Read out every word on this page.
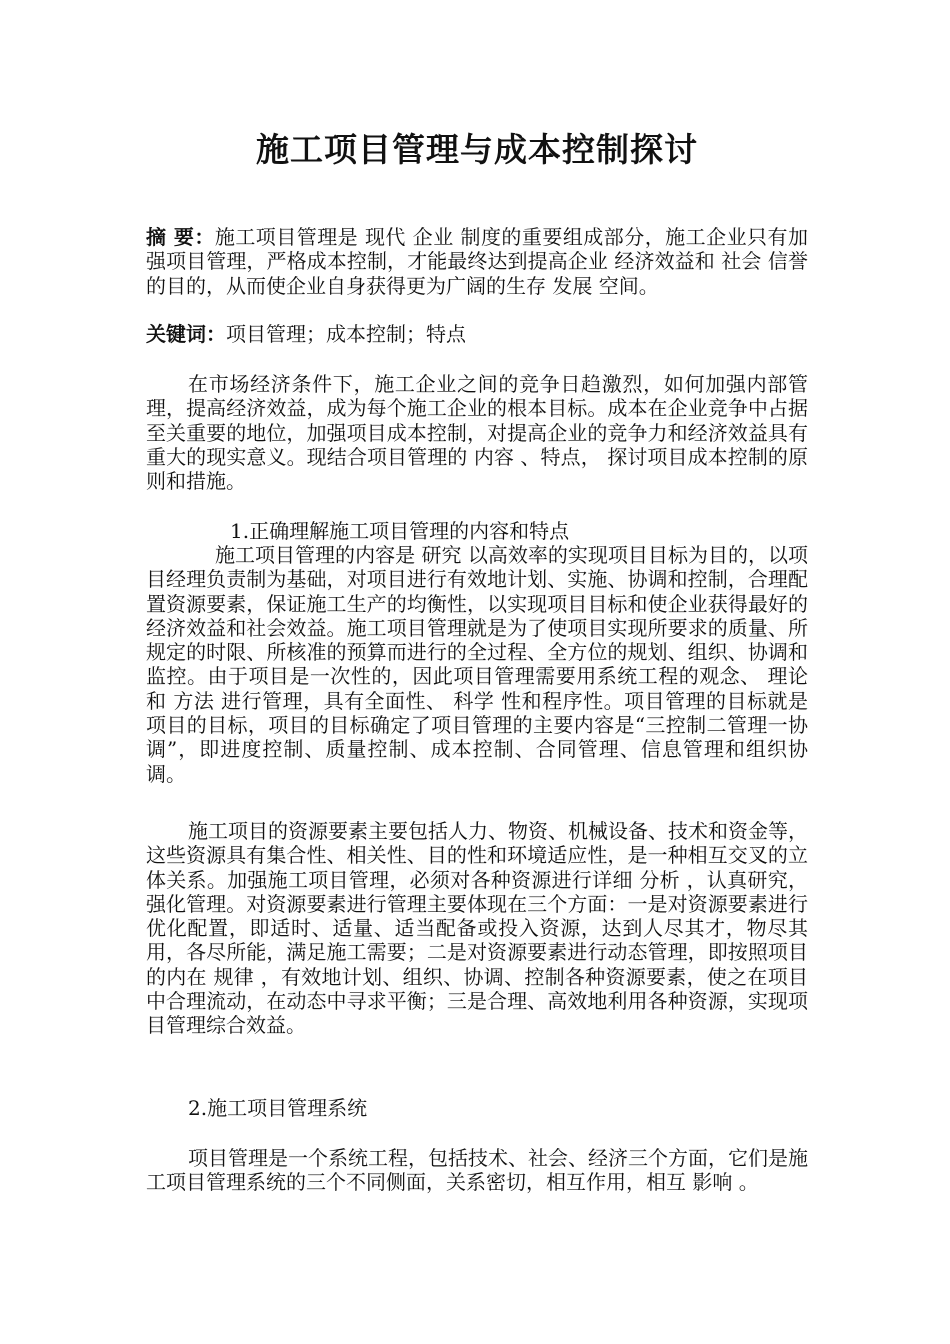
施工项目管理与成本控制探讨

摘 要：施工项目管理是 现代 企业 制度的重要组成部分，施工企业只有加强项目管理，严格成本控制，才能最终达到提高企业 经济效益和 社会 信誉的目的，从而使企业自身获得更为广阔的生存 发展 空间。

关键词：项目管理；成本控制；特点

在市场经济条件下，施工企业之间的竞争日趋激烈，如何加强内部管理，提高经济效益，成为每个施工企业的根本目标。成本在企业竞争中占据至关重要的地位，加强项目成本控制，对提高企业的竞争力和经济效益具有重大的现实意义。现结合项目管理的 内容 、特点， 探讨项目成本控制的原则和措施。

1.正确理解施工项目管理的内容和特点

施工项目管理的内容是 研究 以高效率的实现项目目标为目的，以项目经理负责制为基础，对项目进行有效地计划、实施、协调和控制，合理配置资源要素，保证施工生产的均衡性，以实现项目目标和使企业获得最好的经济效益和社会效益。施工项目管理就是为了使项目实现所要求的质量、所规定的时限、所核准的预算而进行的全过程、全方位的规划、组织、协调和监控。由于项目是一次性的，因此项目管理需要用系统工程的观念、 理论 和 方法 进行管理，具有全面性、 科学 性和程序性。项目管理的目标就是项目的目标，项目的目标确定了项目管理的主要内容是“三控制二管理一协调”，即进度控制、质量控制、成本控制、合同管理、信息管理和组织协调。

施工项目的资源要素主要包括人力、物资、机械设备、技术和资金等，这些资源具有集合性、相关性、目的性和环境适应性，是一种相互交叉的立体关系。加强施工项目管理，必须对各种资源进行详细 分析 ，认真研究，强化管理。对资源要素进行管理主要体现在三个方面：一是对资源要素进行优化配置，即适时、适量、适当配备或投入资源，达到人尽其才，物尽其用，各尽所能，满足施工需要；二是对资源要素进行动态管理，即按照项目的内在 规律 ，有效地计划、组织、协调、控制各种资源要素，使之在项目中合理流动，在动态中寻求平衡；三是合理、高效地利用各种资源，实现项目管理综合效益。

2.施工项目管理系统

项目管理是一个系统工程，包括技术、社会、经济三个方面，它们是施工项目管理系统的三个不同侧面，关系密切，相互作用，相互 影响 。
